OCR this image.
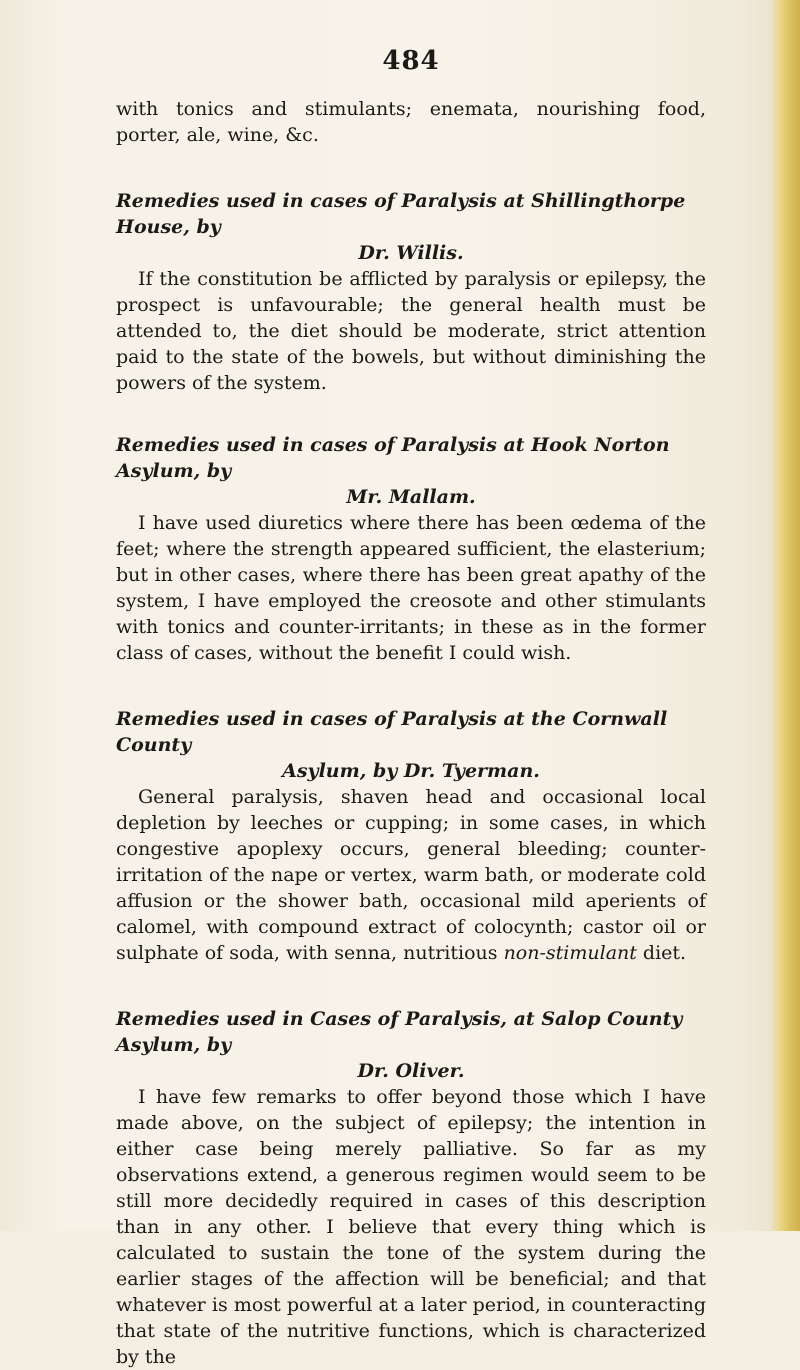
484

with tonics and stimulants; enemata, nourishing food, porter, ale, wine, &c.

Remedies used in cases of Paralysis at Shillingthorpe House, by
Dr. Willis.

If the constitution be afflicted by paralysis or epilepsy, the prospect is unfavourable; the general health must be attended to, the diet should be moderate, strict attention paid to the state of the bowels, but without diminishing the powers of the system.

Remedies used in cases of Paralysis at Hook Norton Asylum, by
Mr. Mallam.

I have used diuretics where there has been œdema of the feet; where the strength appeared sufficient, the elasterium; but in other cases, where there has been great apathy of the system, I have employed the creosote and other stimulants with tonics and counter-irritants; in these as in the former class of cases, without the benefit I could wish.

Remedies used in cases of Paralysis at the Cornwall County
Asylum, by Dr. Tyerman.

General paralysis, shaven head and occasional local depletion by leeches or cupping; in some cases, in which congestive apoplexy occurs, general bleeding; counter-irritation of the nape or vertex, warm bath, or moderate cold affusion or the shower bath, occasional mild aperients of calomel, with compound extract of colocynth; castor oil or sulphate of soda, with senna, nutritious non-stimulant diet.

Remedies used in Cases of Paralysis, at Salop County Asylum, by
Dr. Oliver.

I have few remarks to offer beyond those which I have made above, on the subject of epilepsy; the intention in either case being merely palliative. So far as my observations extend, a generous regimen would seem to be still more decidedly required in cases of this description than in any other. I believe that every thing which is calculated to sustain the tone of the system during the earlier stages of the affection will be beneficial; and that whatever is most powerful at a later period, in counteracting that state of the nutritive functions, which is characterized by the
